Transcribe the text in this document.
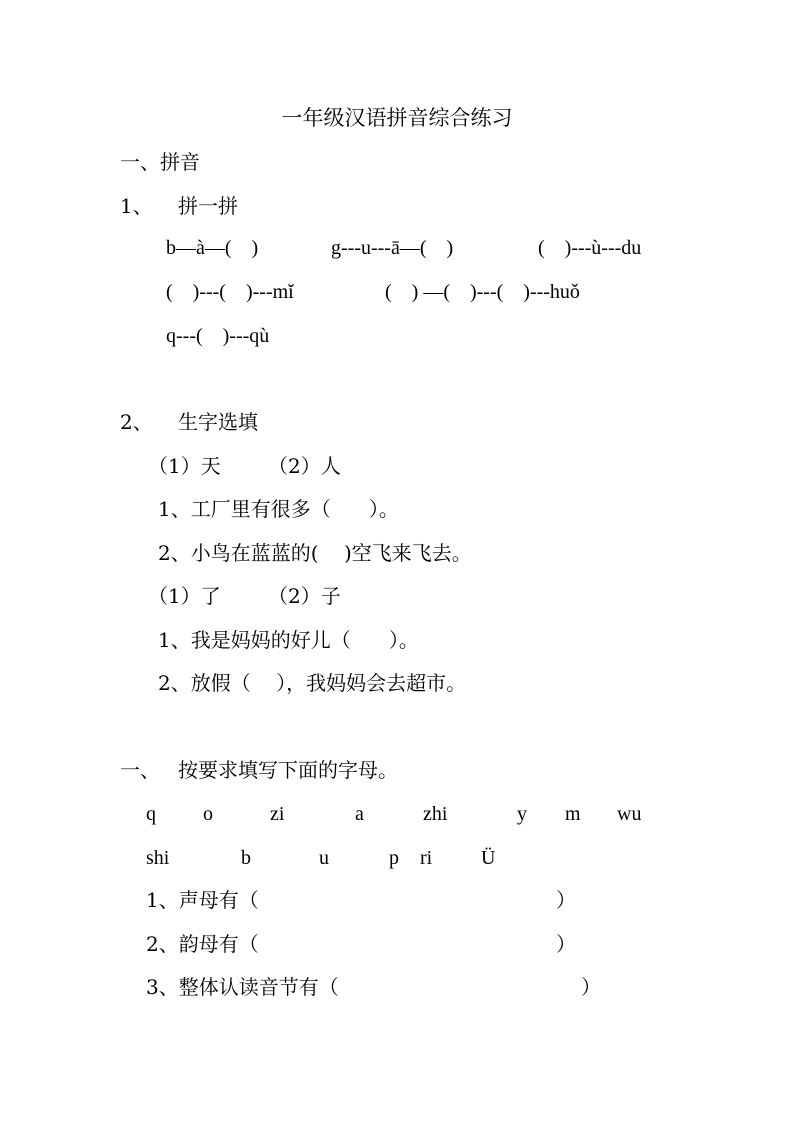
一年级汉语拼音综合练习
一、拼音
1、 拼一拼
b—à—(    )	g---u---ā—(    )	(    )---ù---du
(    )---(    )---mǐ	(    ) —(    )---(    )---huǒ
q---(    )---qù
2、 生字选填
（1）天 （2）人
1、工厂里有很多（      ）。
2、小鸟在蓝蓝的(    )空飞来飞去。
（1）了 （2）子
1、我是妈妈的好儿（      ）。
2、放假（    ），我妈妈会去超市。
一、 按要求填写下面的字母。
q o	zi	a	zhi	y m wu
shi	b	u	p ri Ü
1、声母有（	）
2、韵母有（	）
3、整体认读音节有（	）
